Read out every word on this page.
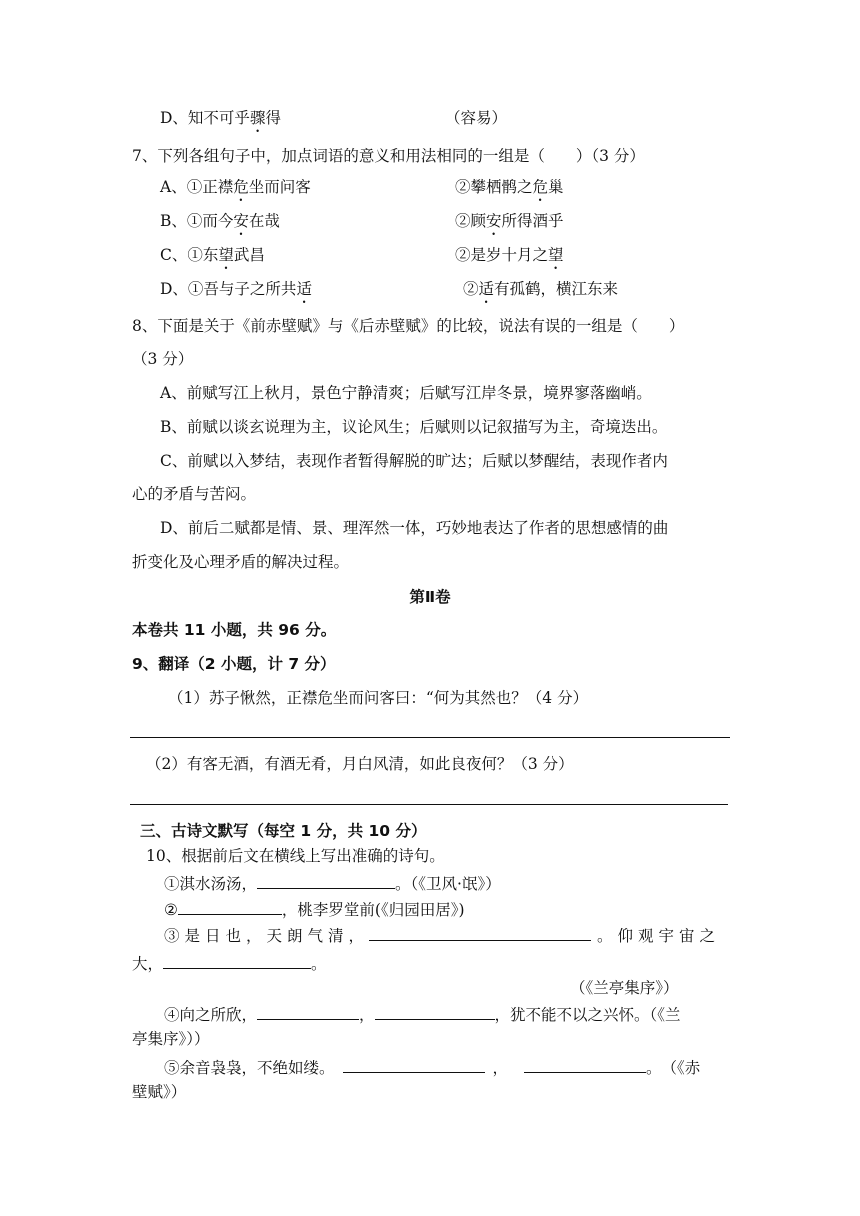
D、知不可乎骤得	（容易）
7、下列各组句子中，加点词语的意义和用法相同的一组是（　　）（3 分）
A、①正襟危坐而问客	②攀栖鹘之危巢
B、①而今安在哉	②顾安所得酒乎
C、①东望武昌	②是岁十月之望
D、①吾与子之所共适	②适有孤鹤，横江东来
8、下面是关于《前赤壁赋》与《后赤壁赋》的比较，说法有误的一组是（　　）
（3 分）
A、前赋写江上秋月，景色宁静清爽；后赋写江岸冬景，境界寥落幽峭。
B、前赋以谈玄说理为主，议论风生；后赋则以记叙描写为主，奇境迭出。
C、前赋以入梦结，表现作者暂得解脱的旷达；后赋以梦醒结，表现作者内
心的矛盾与苦闷。
D、前后二赋都是情、景、理浑然一体，巧妙地表达了作者的思想感情的曲
折变化及心理矛盾的解决过程。
第Ⅱ卷
本卷共 11 小题，共 96 分。
9、翻译（2 小题，计 7 分）
（1）苏子愀然，正襟危坐而问客曰：“何为其然也？（4 分）
（2）有客无酒，有酒无肴，月白风清，如此良夜何？（3 分）
三、古诗文默写（每空 1 分，共 10 分）
10、根据前后文在横线上写出准确的诗句。
①淇水汤汤，	。（《卫风·氓》）
②	，桃李罗堂前(《归园田居》)
③是日也，天朗气清，	。仰观宇宙之
大，	。
（《兰亭集序》）
④向之所欣，	，	，犹不能不以之兴怀。（《兰
亭集序》））
⑤余音袅袅，不绝如缕。	，	。　（《赤
壁赋》）
